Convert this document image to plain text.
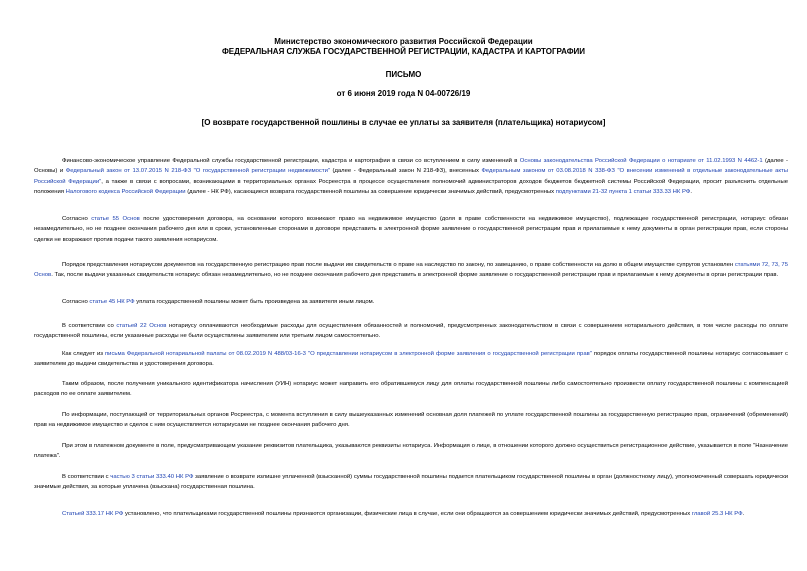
Министерство экономического развития Российской Федерации
ФЕДЕРАЛЬНАЯ СЛУЖБА ГОСУДАРСТВЕННОЙ РЕГИСТРАЦИИ, КАДАСТРА И КАРТОГРАФИИ
ПИСЬМО
от 6 июня 2019 года N 04-00726/19
[О возврате государственной пошлины в случае ее уплаты за заявителя (плательщика) нотариусом]
Финансово-экономическое управление Федеральной службы государственной регистрации, кадастра и картографии в связи со вступлением в силу изменений в Основы законодательства Российской Федерации о нотариате от 11.02.1993 N 4462-1 (далее - Основы) и Федеральный закон от 13.07.2015 N 218-ФЗ "О государственной регистрации недвижимости" (далее - Федеральный закон N 218-ФЗ), внесенных Федеральным законом от 03.08.2018 N 338-ФЗ "О внесении изменений в отдельные законодательные акты Российской Федерации", а также в связи с вопросами, возникающими в территориальных органах Росреестра в процессе осуществления полномочий администраторов доходов бюджетов бюджетной системы Российской Федерации, просит разъяснить отдельные положения Налогового кодекса Российской Федерации (далее - НК РФ), касающиеся возврата государственной пошлины за совершение юридически значимых действий, предусмотренных подпунктами 21-32 пункта 1 статьи 333.33 НК РФ.
Согласно статье 55 Основ после удостоверения договора, на основании которого возникают право на недвижимое имущество (доля в праве собственности на недвижимое имущество), подлежащее государственной регистрации, нотариус обязан незамедлительно, но не позднее окончания рабочего дня или в сроки, установленные сторонами в договоре представить в электронной форме заявление о государственной регистрации прав и прилагаемые к нему документы в орган регистрации прав, если стороны сделки не возражают против подачи такого заявления нотариусом.
Порядок представления нотариусом документов на государственную регистрацию прав после выдачи им свидетельств о праве на наследство по закону, по завещанию, о праве собственности на долю в общем имуществе супругов установлен статьями 72, 73, 75 Основ. Так, после выдачи указанных свидетельств нотариус обязан незамедлительно, но не позднее окончания рабочего дня представить в электронной форме заявление о государственной регистрации прав и прилагаемые к нему документы в орган регистрации прав.
Согласно статье 45 НК РФ уплата государственной пошлины может быть произведена за заявителя иным лицом.
В соответствии со статьей 22 Основ нотариусу оплачиваются необходимые расходы для осуществления обязанностей и полномочий, предусмотренных законодательством в связи с совершением нотариального действия, в том числе расходы по оплате государственной пошлины, если указанные расходы не были осуществлены заявителем или третьим лицом самостоятельно.
Как следует из письма Федеральной нотариальной палаты от 08.02.2019 N 488/03-16-3 "О представлении нотариусом в электронной форме заявления о государственной регистрации прав" порядок оплаты государственной пошлины нотариус согласовывает с заявителем до выдачи свидетельства и удостоверения договора.
Таким образом, после получения уникального идентификатора начисления (УИН) нотариус может направить его обратившемуся лицу для оплаты государственной пошлины либо самостоятельно произвести оплату государственной пошлины с компенсацией расходов по ее оплате заявителем.
По информации, поступающей от территориальных органов Росреестра, с момента вступления в силу вышеуказанных изменений основная доля платежей по уплате государственной пошлины за государственную регистрацию прав, ограничений (обременений) прав на недвижимое имущество и сделок с ним осуществляется нотариусами не позднее окончания рабочего дня.
При этом в платежном документе в поле, предусматривающем указание реквизитов плательщика, указываются реквизиты нотариуса. Информация о лице, в отношении которого должно осуществиться регистрационное действие, указывается в поле "Назначение платежа".
В соответствии с частью 3 статьи 333.40 НК РФ заявление о возврате излишне уплаченной (взысканной) суммы государственной пошлины подается плательщиком государственной пошлины в орган (должностному лицу), уполномоченный совершать юридически значимые действия, за которые уплачена (взыскана) государственная пошлина.
Статьей 333.17 НК РФ установлено, что плательщиками государственной пошлины признаются организации, физические лица в случае, если они обращаются за совершением юридически значимых действий, предусмотренных главой 25.3 НК РФ.
